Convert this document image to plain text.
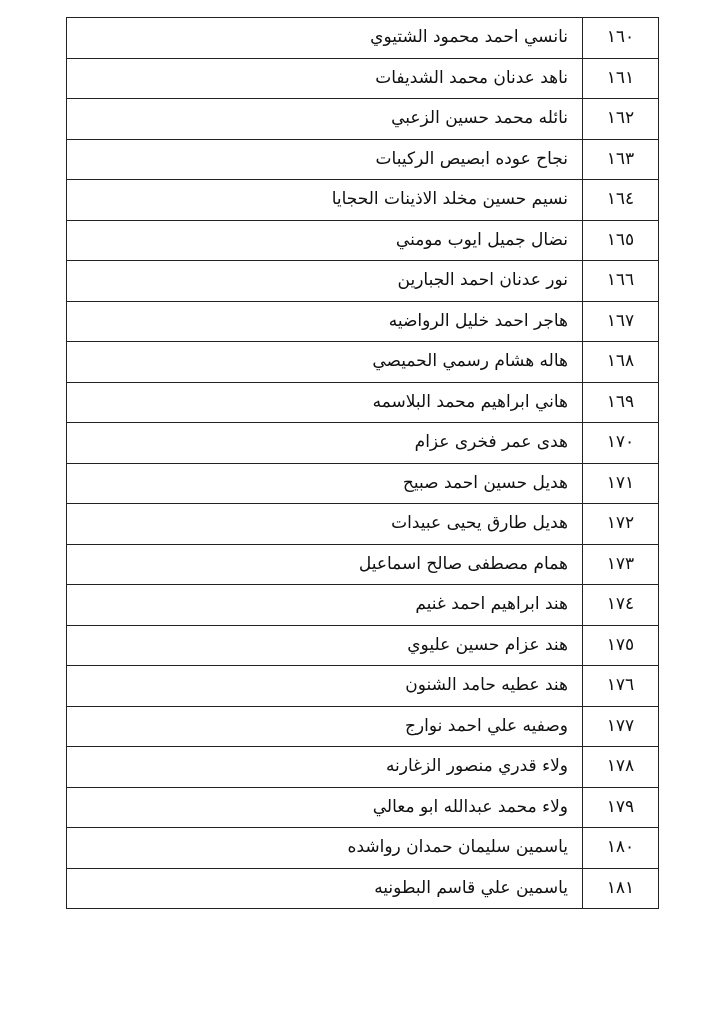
١٦٠	نانسي احمد محمود الشتيوي
١٦١	ناهد عدنان محمد الشديفات
١٦٢	نائله محمد حسين الزعبي
١٦٣	نجاح عوده ابصيص الركيبات
١٦٤	نسيم حسين مخلد الاذينات الحجايا
١٦٥	نضال جميل ايوب مومني
١٦٦	نور عدنان احمد الجبارين
١٦٧	هاجر احمد خليل الرواضيه
١٦٨	هاله هشام رسمي الحميصي
١٦٩	هاني ابراهيم محمد البلاسمه
١٧٠	هدى عمر فخرى عزام
١٧١	هديل حسين احمد صبيح
١٧٢	هديل طارق يحيى عبيدات
١٧٣	همام مصطفى صالح اسماعيل
١٧٤	هند ابراهيم احمد غنيم
١٧٥	هند عزام حسين عليوي
١٧٦	هند عطيه حامد الشنون
١٧٧	وصفيه علي احمد نوارج
١٧٨	ولاء قدري منصور الزغارنه
١٧٩	ولاء محمد عبدالله ابو معالي
١٨٠	ياسمين سليمان حمدان رواشده
١٨١	ياسمين علي قاسم البطونيه
